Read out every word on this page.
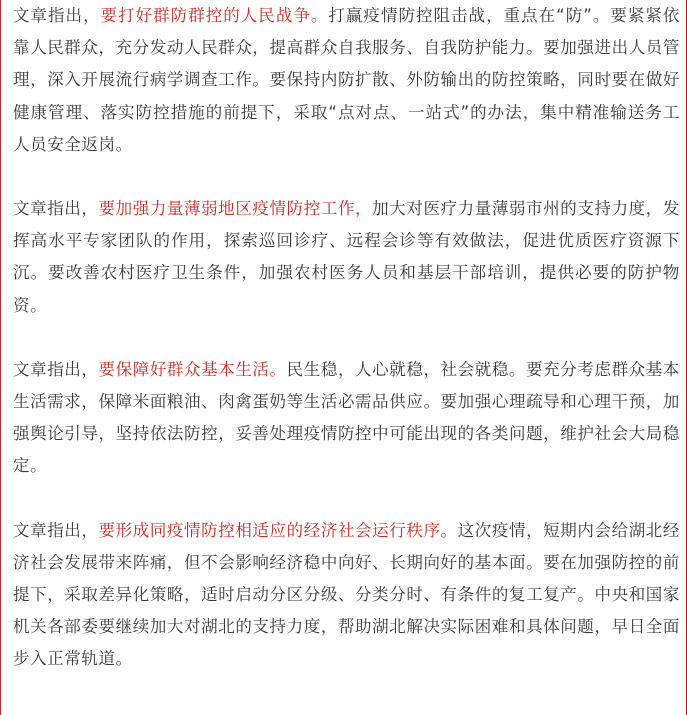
文章指出，要打好群防群控的人民战争。打赢疫情防控阻击战，重点在“防”。要紧紧依靠人民群众，充分发动人民群众，提高群众自我服务、自我防护能力。要加强进出人员管理，深入开展流行病学调查工作。要保持内防扩散、外防输出的防控策略，同时要在做好健康管理、落实防控措施的前提下，采取“点对点、一站式”的办法，集中精准输送务工人员安全返岗。

文章指出，要加强力量薄弱地区疫情防控工作，加大对医疗力量薄弱市州的支持力度，发挥高水平专家团队的作用，探索巡回诊疗、远程会诊等有效做法，促进优质医疗资源下沉。要改善农村医疗卫生条件，加强农村医务人员和基层干部培训，提供必要的防护物资。

文章指出，要保障好群众基本生活。民生稳，人心就稳，社会就稳。要充分考虑群众基本生活需求，保障米面粮油、肉禽蛋奶等生活必需品供应。要加强心理疏导和心理干预，加强舆论引导，坚持依法防控，妥善处理疫情防控中可能出现的各类问题，维护社会大局稳定。

文章指出，要形成同疫情防控相适应的经济社会运行秩序。这次疫情，短期内会给湖北经济社会发展带来阵痛，但不会影响经济稳中向好、长期向好的基本面。要在加强防控的前提下，采取差异化策略，适时启动分区分级、分类分时、有条件的复工复产。中央和国家机关各部委要继续加大对湖北的支持力度，帮助湖北解决实际困难和具体问题，早日全面步入正常轨道。
